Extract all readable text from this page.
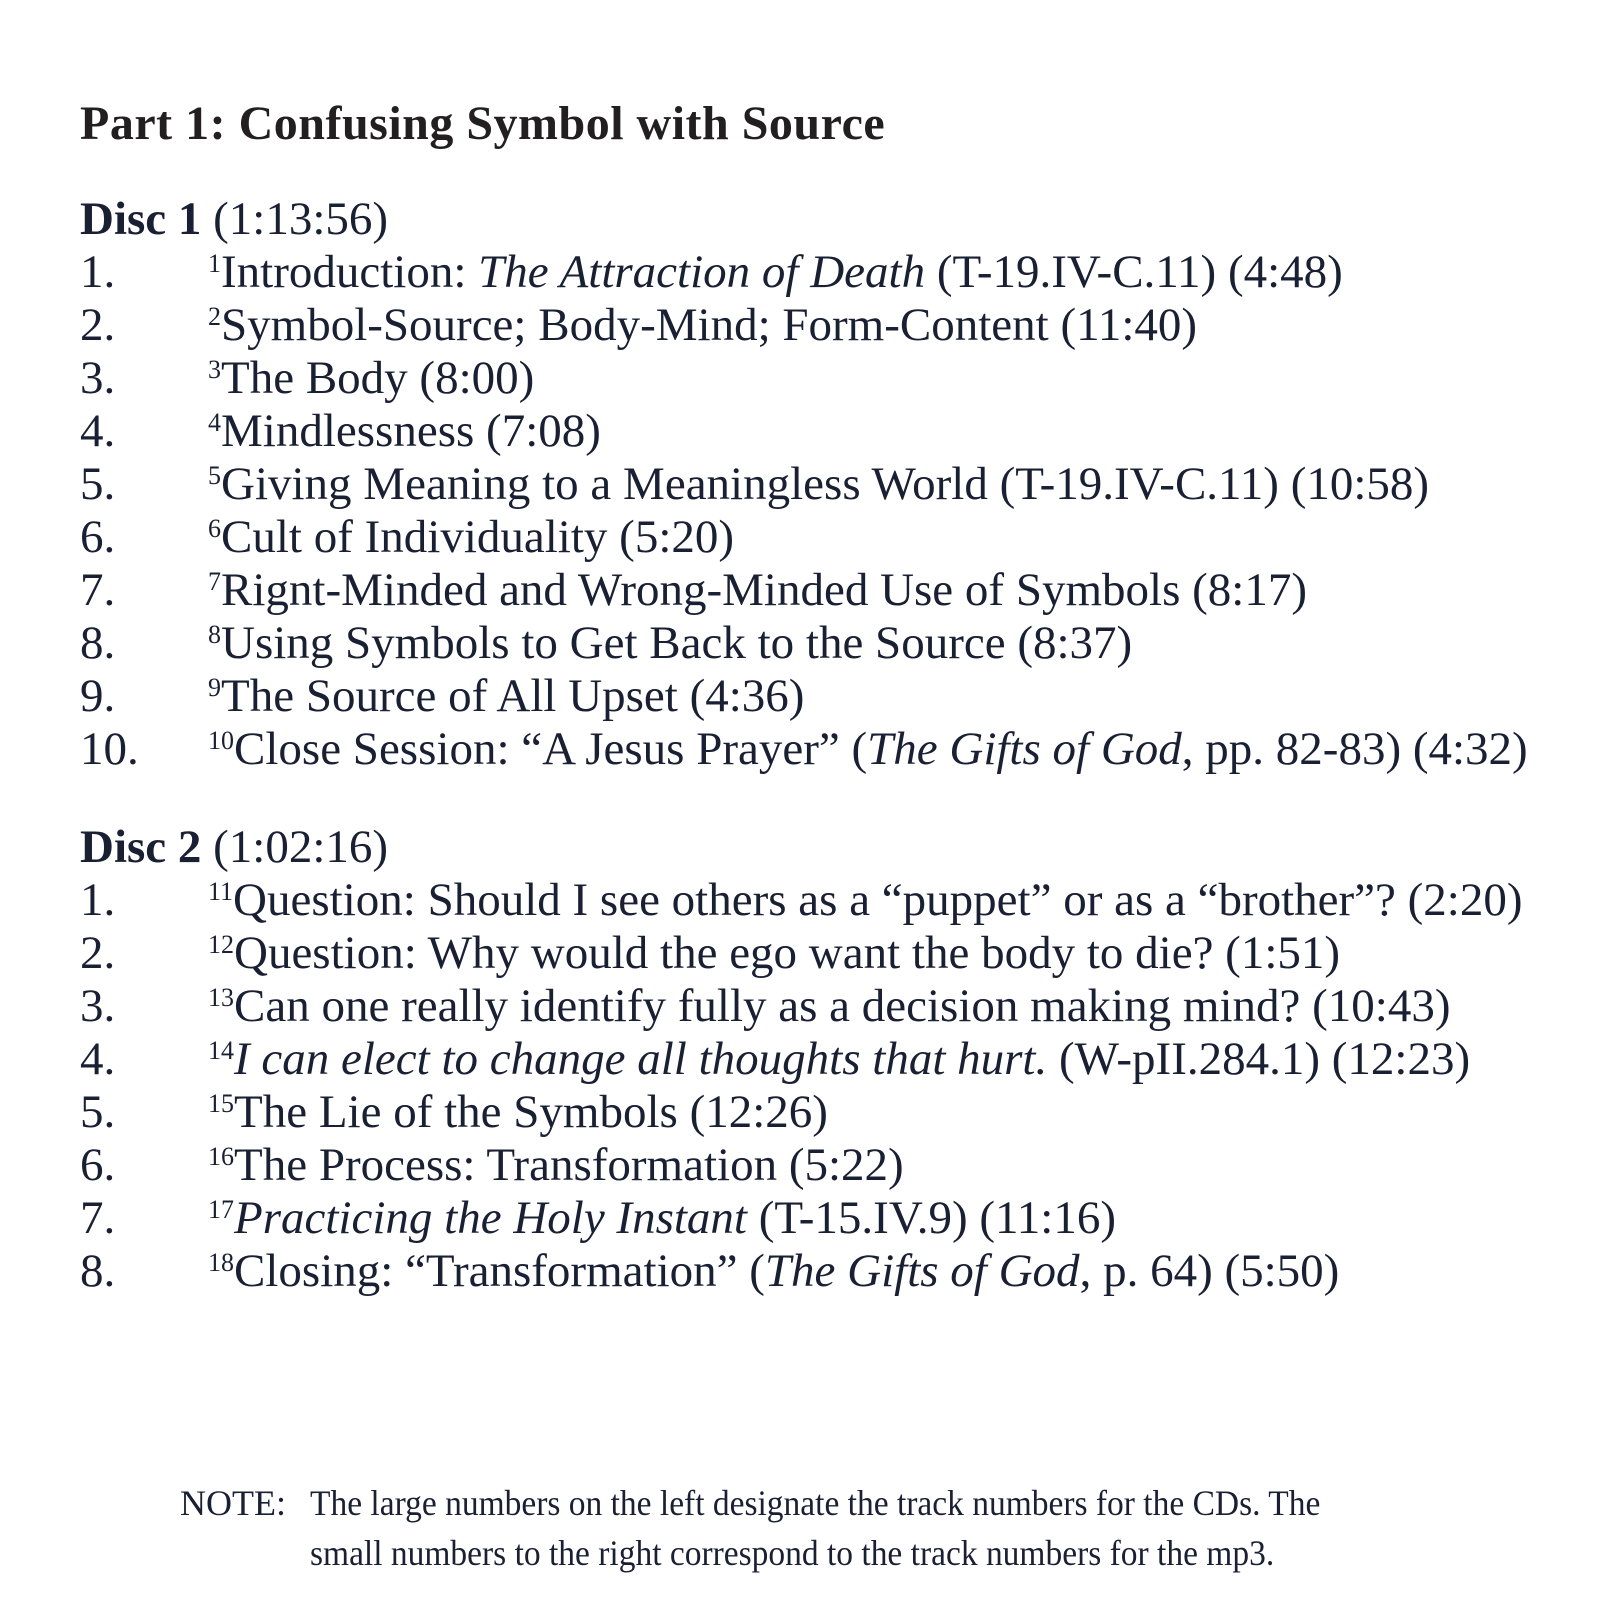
Part 1: Confusing Symbol with Source
Disc 1 (1:13:56)
1.	$^1$Introduction: The Attraction of Death (T-19.IV-C.11) (4:48)
2.	$^2$Symbol-Source; Body-Mind; Form-Content (11:40)
3.	$^3$The Body (8:00)
4.	$^4$Mindlessness (7:08)
5.	$^5$Giving Meaning to a Meaningless World (T-19.IV-C.11) (10:58)
6.	$^6$Cult of Individuality (5:20)
7.	$^7$Rignt-Minded and Wrong-Minded Use of Symbols (8:17)
8.	$^8$Using Symbols to Get Back to the Source (8:37)
9.	$^9$The Source of All Upset (4:36)
10.	$^{10}$Close Session: “A Jesus Prayer” (The Gifts of God, pp. 82-83) (4:32)
Disc 2 (1:02:16)
1.	$^{11}$Question: Should I see others as a “puppet” or as a “brother”? (2:20)
2.	$^{12}$Question: Why would the ego want the body to die? (1:51)
3.	$^{13}$Can one really identify fully as a decision making mind? (10:43)
4.	$^{14}$I can elect to change all thoughts that hurt. (W-pII.284.1) (12:23)
5.	$^{15}$The Lie of the Symbols (12:26)
6.	$^{16}$The Process: Transformation (5:22)
7.	$^{17}$Practicing the Holy Instant (T-15.IV.9) (11:16)
8.	$^{18}$Closing: “Transformation” (The Gifts of God, p. 64) (5:50)
NOTE: The large numbers on the left designate the track numbers for the CDs. The
small numbers to the right correspond to the track numbers for the mp3.
